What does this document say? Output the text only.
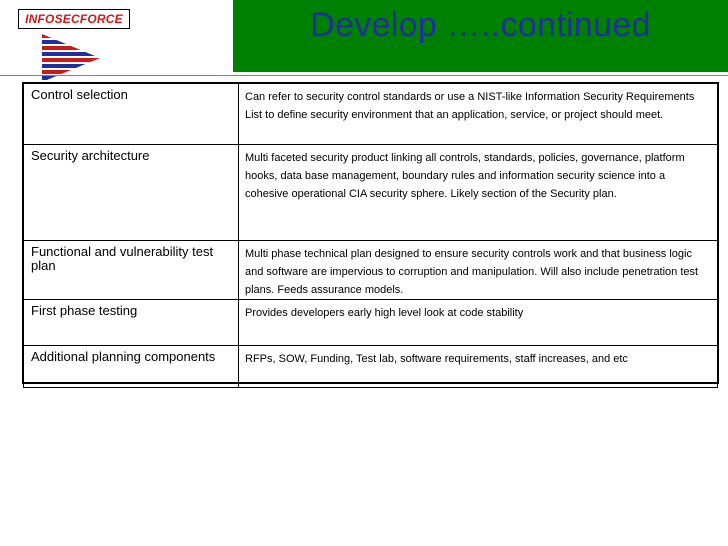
Develop …..continued
INFOSECFORCE
Control selection	Can refer to security control standards or use a NIST-like Information Security Requirements List to define security environment that an application, service, or project should meet.
Security architecture	Multi faceted security product linking all controls, standards, policies, governance, platform hooks, data base management, boundary rules and information security science into a cohesive operational CIA security sphere. Likely section of the Security plan.
Functional and vulnerability test plan	Multi phase technical plan designed to ensure security controls work and that business logic and software are impervious to corruption and manipulation. Will also include penetration test plans. Feeds assurance models.
First phase testing	Provides developers early high level look at code stability
Additional planning components	RFPs, SOW, Funding, Test lab, software requirements, staff increases, and etc
